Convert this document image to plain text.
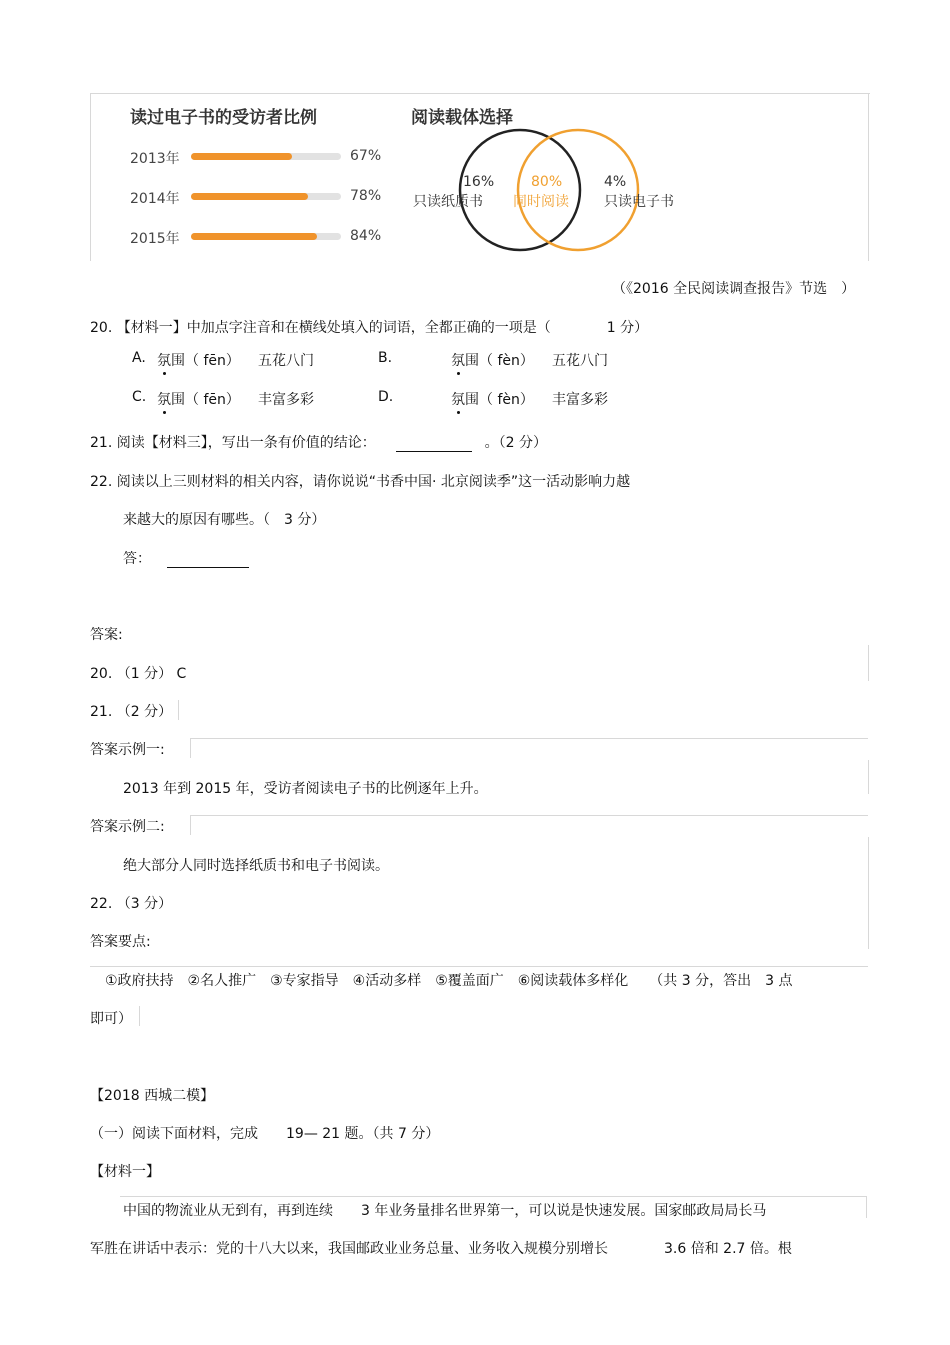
读过电子书的受访者比例
2013年	67%
2014年	78%
2015年	84%
阅读载体选择
16%
只读纸质书
80%
同时阅读
4%
只读电子书
（《2016 全民阅读调查报告》节选　）
20. 【材料一】中加点字注音和在横线处填入的词语，全都正确的一项是（　　　　1 分）
A. 氛围（ fēn） 五花八门	B.	氛围（ fèn） 五花八门
C. 氛围（ fēn） 丰富多彩	D.	氛围（ fèn） 丰富多彩
21. 阅读【材料三】，写出一条有价值的结论：	。（2 分）
22. 阅读以上三则材料的相关内容，请你说说“书香中国· 北京阅读季”这一活动影响力越
来越大的原因有哪些。（　3 分）
答：
答案:
20. （1 分） C
21. （2 分）
答案示例一:
2013 年到 2015 年，受访者阅读电子书的比例逐年上升。
答案示例二:
绝大部分人同时选择纸质书和电子书阅读。
22. （3 分）
答案要点:
①政府扶持　②名人推广　③专家指导　④活动多样　⑤覆盖面广　⑥阅读载体多样化　　（共 3 分，答出　3 点
即可）
【2018 西城二模】
（一）阅读下面材料，完成　　19— 21 题。（共 7 分）
【材料一】
中国的物流业从无到有，再到连续　　3 年业务量排名世界第一，可以说是快速发展。国家邮政局局长马
军胜在讲话中表示：党的十八大以来，我国邮政业业务总量、业务收入规模分别增长　　　　3.6 倍和 2.7 倍。根
